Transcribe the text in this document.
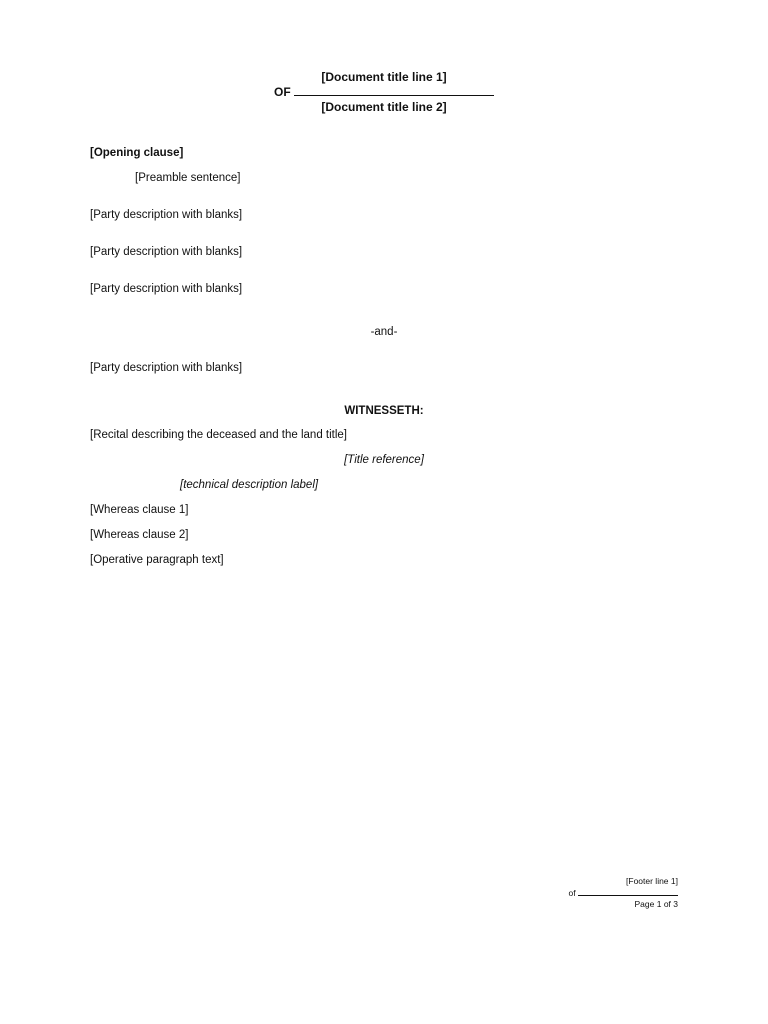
[Document title line 1]
OF
[Document title line 2]
[Opening clause]
[Preamble sentence]
[Party description with blanks]
[Party description with blanks]
[Party description with blanks]
-and-
[Party description with blanks]
WITNESSETH:
[Recital describing the deceased and the land title]
[Title reference]
[technical description label]
[Whereas clause 1]
[Whereas clause 2]
[Operative paragraph text]
[Footer line 1]
of
Page 1 of 3
